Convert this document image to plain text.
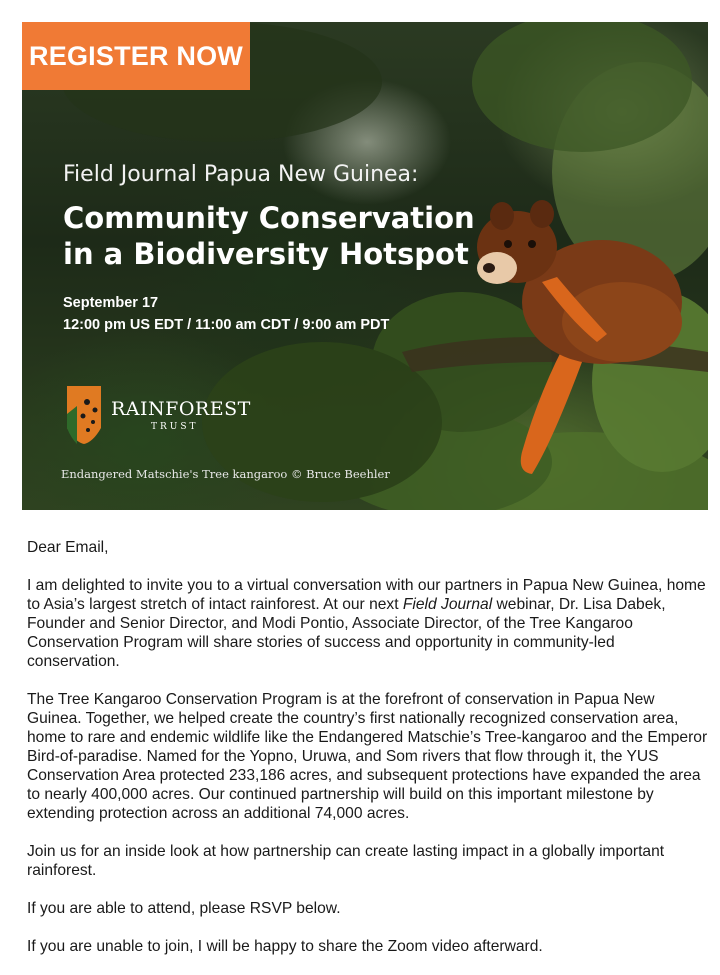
REGISTER NOW
Field Journal Papua New Guinea:
Community Conservation in a Biodiversity Hotspot
September 17
12:00 pm US EDT / 11:00 am CDT / 9:00 am PDT
RAINFOREST
TRUST
Endangered Matschie's Tree kangaroo © Bruce Beehler

Dear Email,

I am delighted to invite you to a virtual conversation with our partners in Papua New Guinea, home to Asia’s largest stretch of intact rainforest. At our next Field Journal webinar, Dr. Lisa Dabek, Founder and Senior Director, and Modi Pontio, Associate Director, of the Tree Kangaroo Conservation Program will share stories of success and opportunity in community-led conservation.

The Tree Kangaroo Conservation Program is at the forefront of conservation in Papua New Guinea. Together, we helped create the country’s first nationally recognized conservation area, home to rare and endemic wildlife like the Endangered Matschie’s Tree-kangaroo and the Emperor Bird-of-paradise. Named for the Yopno, Uruwa, and Som rivers that flow through it, the YUS Conservation Area protected 233,186 acres, and subsequent protections have expanded the area to nearly 400,000 acres. Our continued partnership will build on this important milestone by extending protection across an additional 74,000 acres.

Join us for an inside look at how partnership can create lasting impact in a globally important rainforest.

If you are able to attend, please RSVP below.

If you are unable to join, I will be happy to share the Zoom video afterward.
